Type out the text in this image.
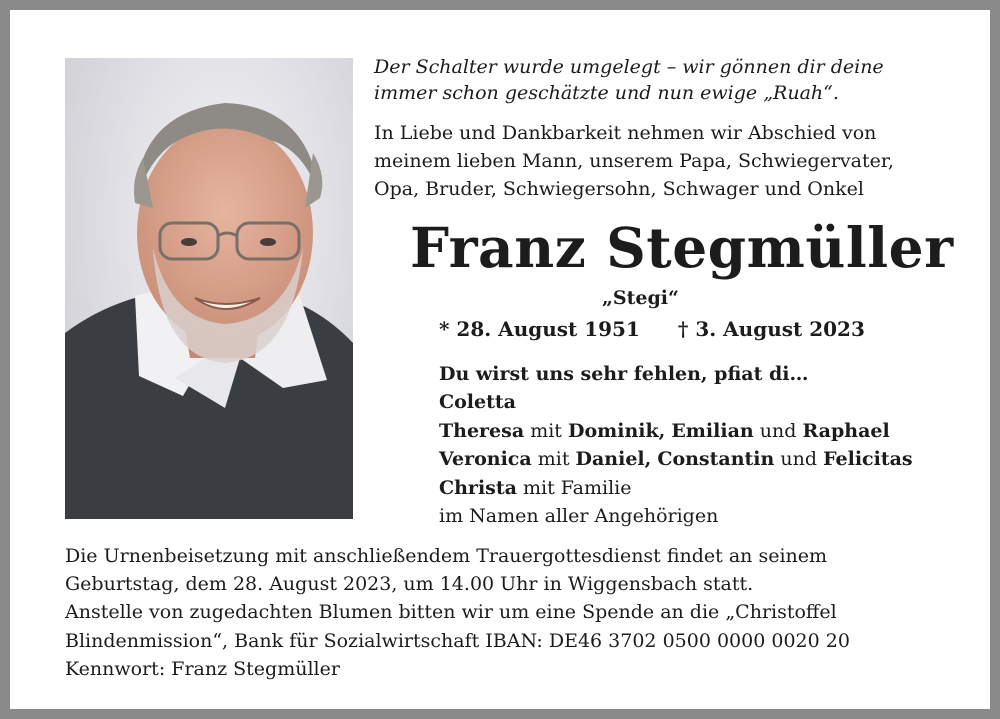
Der Schalter wurde umgelegt – wir gönnen dir deine
immer schon geschätzte und nun ewige „Ruah“.
In Liebe und Dankbarkeit nehmen wir Abschied von
meinem lieben Mann, unserem Papa, Schwiegervater,
Opa, Bruder, Schwiegersohn, Schwager und Onkel
Franz Stegmüller
„Stegi“
* 28. August 1951 † 3. August 2023
Du wirst uns sehr fehlen, pfiat di…
Coletta
Theresa mit Dominik, Emilian und Raphael
Veronica mit Daniel, Constantin und Felicitas
Christa mit Familie
im Namen aller Angehörigen
Die Urnenbeisetzung mit anschließendem Trauergottesdienst findet an seinem
Geburtstag, dem 28. August 2023, um 14.00 Uhr in Wiggensbach statt.
Anstelle von zugedachten Blumen bitten wir um eine Spende an die „Christoffel
Blindenmission“, Bank für Sozialwirtschaft IBAN: DE46 3702 0500 0000 0020 20
Kennwort: Franz Stegmüller
